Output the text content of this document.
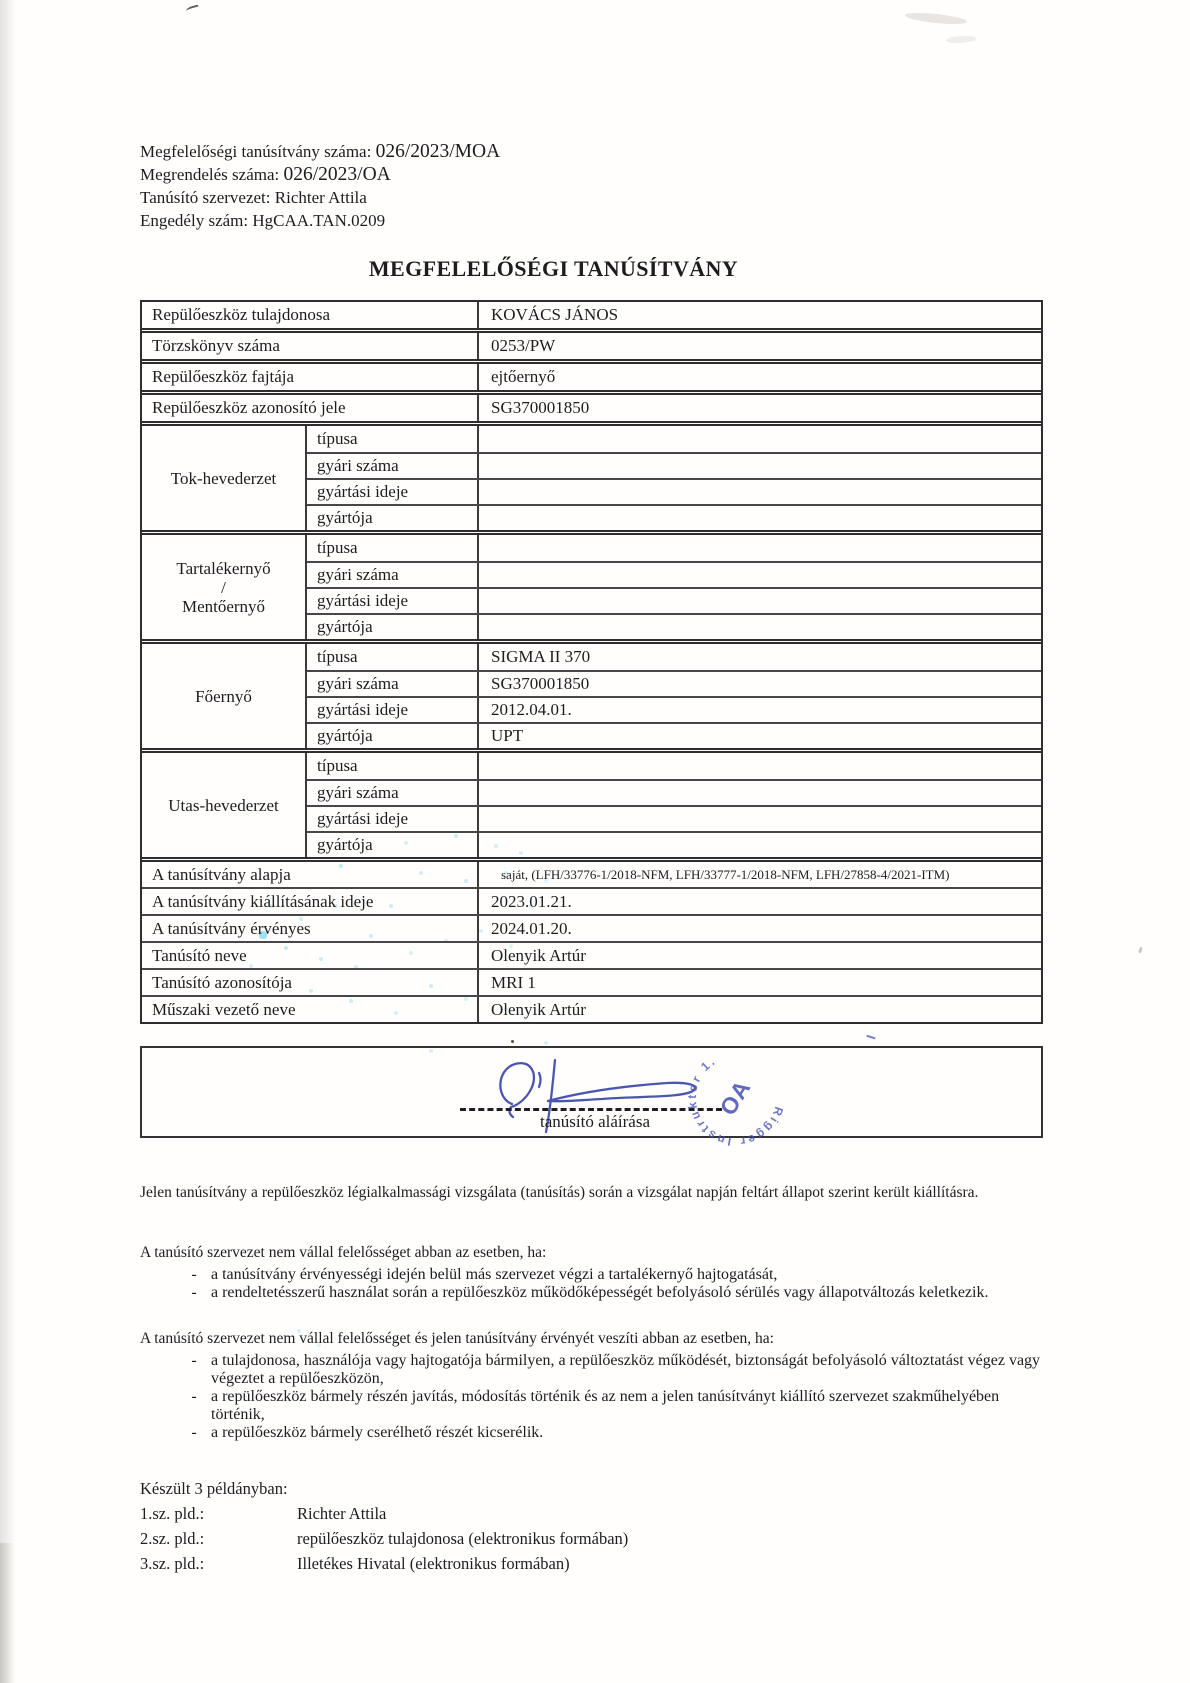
Megfelelőségi tanúsítvány száma: 026/2023/MOA
Megrendelés száma: 026/2023/OA
Tanúsító szervezet: Richter Attila
Engedély szám: HgCAA.TAN.0209
MEGFELELŐSÉGI TANÚSÍTVÁNY
Repülőeszköz tulajdonosa	KOVÁCS JÁNOS
Törzskönyv száma	0253/PW
Repülőeszköz fajtája	ejtőernyő
Repülőeszköz azonosító jele	SG370001850
Tok-hevederzet
típusa
gyári száma
gyártási ideje
gyártója
Tartalékernyő
/
Mentőernyő
típusa
gyári száma
gyártási ideje
gyártója
Főernyő
típusa	SIGMA II 370
gyári száma	SG370001850
gyártási ideje	2012.04.01.
gyártója	UPT
Utas-hevederzet
típusa
gyári száma
gyártási ideje
gyártója
A tanúsítvány alapja	saját, (LFH/33776-1/2018-NFM, LFH/33777-1/2018-NFM, LFH/27858-4/2021-ITM)
A tanúsítvány kiállításának ideje	2023.01.21.
A tanúsítvány érvényes	2024.01.20.
Tanúsító neve	Olenyik Artúr
Tanúsító azonosítója	MRI 1
Műszaki vezető neve	Olenyik Artúr
tanúsító aláírása	Rigger Instruktor 1.
OA
Jelen tanúsítvány a repülőeszköz légialkalmassági vizsgálata (tanúsítás) során a vizsgálat napján feltárt állapot szerint került kiállításra.
A tanúsító szervezet nem vállal felelősséget abban az esetben, ha:
- a tanúsítvány érvényességi idején belül más szervezet végzi a tartalékernyő hajtogatását,
- a rendeltetésszerű használat során a repülőeszköz működőképességét befolyásoló sérülés vagy állapotváltozás keletkezik.
A tanúsító szervezet nem vállal felelősséget és jelen tanúsítvány érvényét veszíti abban az esetben, ha:
- a tulajdonosa, használója vagy hajtogatója bármilyen, a repülőeszköz működését, biztonságát befolyásoló változtatást végez vagy végeztet a repülőeszközön,
- a repülőeszköz bármely részén javítás, módosítás történik és az nem a jelen tanúsítványt kiállító szervezet szakműhelyében történik,
- a repülőeszköz bármely cserélhető részét kicserélik.
Készült 3 példányban:
1.sz. pld.:	Richter Attila
2.sz. pld.:	repülőeszköz tulajdonosa (elektronikus formában)
3.sz. pld.:	Illetékes Hivatal (elektronikus formában)
